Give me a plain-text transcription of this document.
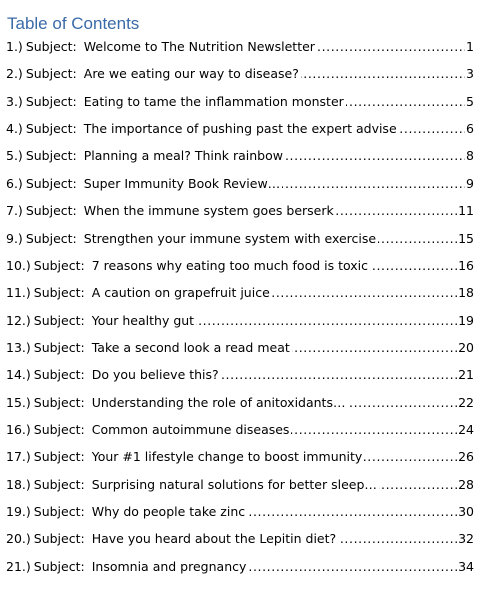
Table of Contents
1.) Subject: Welcome to The Nutrition Newsletter	1
2.) Subject: Are we eating our way to disease?	3
3.) Subject: Eating to tame the inflammation monster	5
4.) Subject: The importance of pushing past the expert advise	6
5.) Subject: Planning a meal? Think rainbow	8
6.) Subject: Super Immunity Book Review…	9
7.) Subject: When the immune system goes berserk	11
9.) Subject: Strengthen your immune system with exercise	15
10.) Subject: 7 reasons why eating too much food is toxic	16
11.) Subject: A caution on grapefruit juice	18
12.) Subject: Your healthy gut	19
13.) Subject: Take a second look a read meat	20
14.) Subject: Do you believe this?	21
15.) Subject: Understanding the role of anitoxidants…	22
16.) Subject: Common autoimmune diseases	24
17.) Subject: Your #1 lifestyle change to boost immunity	26
18.) Subject: Surprising natural solutions for better sleep…	28
19.) Subject: Why do people take zinc	30
20.) Subject: Have you heard about the Lepitin diet?	32
21.) Subject: Insomnia and pregnancy	34
